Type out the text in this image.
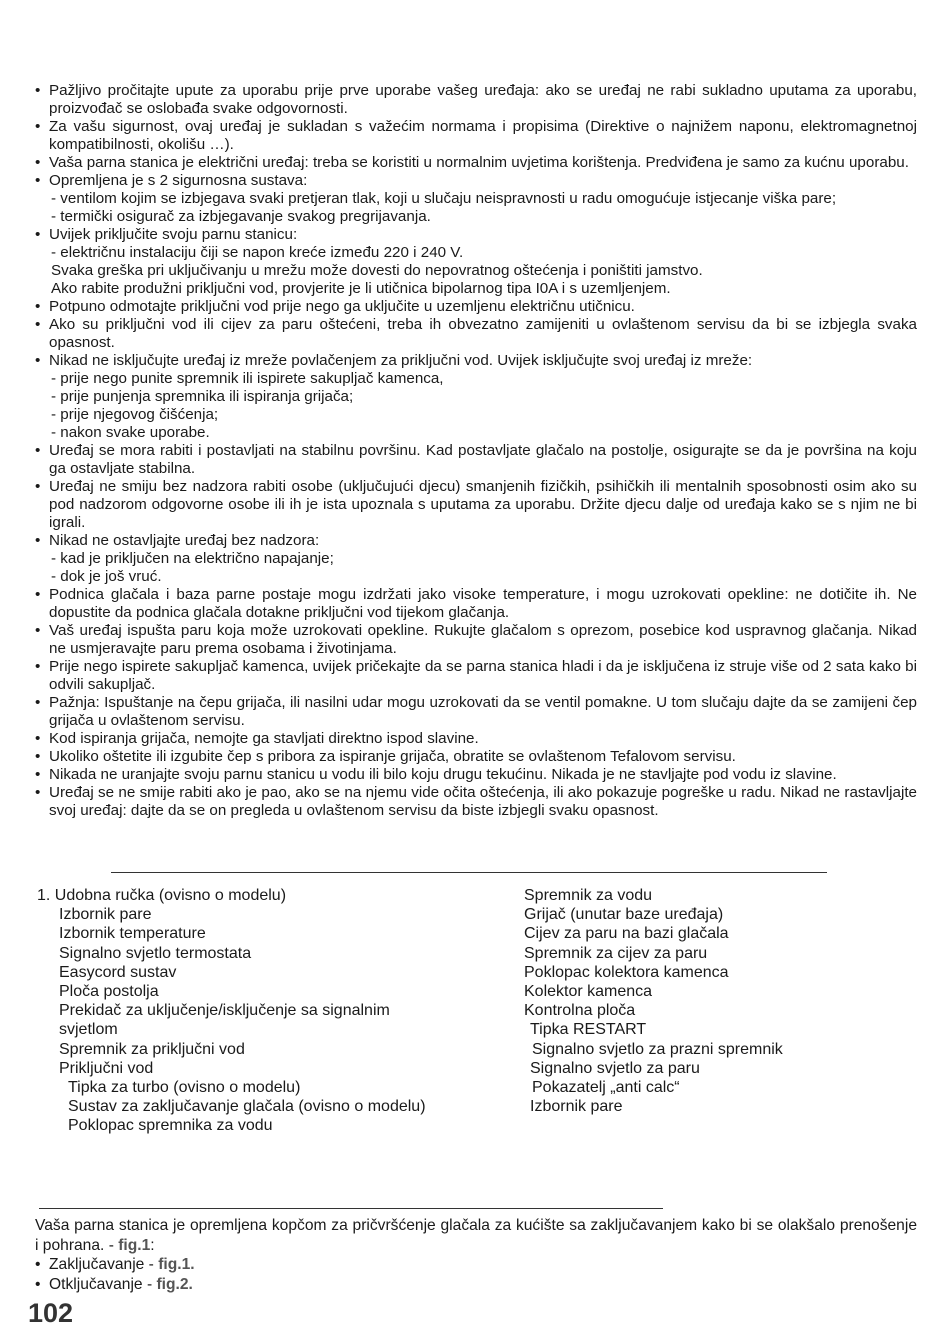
• Pažljivo pročitajte upute za uporabu prije prve uporabe vašeg uređaja: ako se uređaj ne rabi sukladno uputama za uporabu, proizvođač se oslobađa svake odgovornosti.
• Za vašu sigurnost, ovaj uređaj je sukladan s važećim normama i propisima (Direktive o najnižem naponu, elektromagnetnoj kompatibilnosti, okolišu …).
• Vaša parna stanica je električni uređaj: treba se koristiti u normalnim uvjetima korištenja. Predviđena je samo za kućnu uporabu.
• Opremljena je s 2 sigurnosna sustava:
- ventilom kojim se izbjegava svaki pretjeran tlak, koji u slučaju neispravnosti u radu omogućuje istjecanje viška pare;
- termički osigurač za izbjegavanje svakog pregrijavanja.
• Uvijek priključite svoju parnu stanicu:
- električnu instalaciju čiji se napon kreće između 220 i 240 V.
Svaka greška pri uključivanju u mrežu može dovesti do nepovratnog oštećenja i poništiti jamstvo.
Ako rabite produžni priključni vod, provjerite je li utičnica bipolarnog tipa I0A i s uzemljenjem.
• Potpuno odmotajte priključni vod prije nego ga uključite u uzemljenu električnu utičnicu.
• Ako su priključni vod ili cijev za paru oštećeni, treba ih obvezatno zamijeniti u ovlaštenom servisu da bi se izbjegla svaka opasnost.
• Nikad ne isključujte uređaj iz mreže povlačenjem za priključni vod. Uvijek isključujte svoj uređaj iz mreže:
- prije nego punite spremnik ili ispirete sakupljač kamenca,
- prije punjenja spremnika ili ispiranja grijača;
- prije njegovog čišćenja;
- nakon svake uporabe.
• Uređaj se mora rabiti i postavljati na stabilnu površinu. Kad postavljate glačalo na postolje, osigurajte se da je površina na koju ga ostavljate stabilna.
• Uređaj ne smiju bez nadzora rabiti osobe (uključujući djecu) smanjenih fizičkih, psihičkih ili mentalnih sposobnosti osim ako su pod nadzorom odgovorne osobe ili ih je ista upoznala s uputama za uporabu. Držite djecu dalje od uređaja kako se s njim ne bi igrali.
• Nikad ne ostavljajte uređaj bez nadzora:
- kad je priključen na električno napajanje;
- dok je još vruć.
• Podnica glačala i baza parne postaje mogu izdržati jako visoke temperature, i mogu uzrokovati opekline: ne dotičite ih. Ne dopustite da podnica glačala dotakne priključni vod tijekom glačanja.
• Vaš uređaj ispušta paru koja može uzrokovati opekline. Rukujte glačalom s oprezom, posebice kod uspravnog glačanja. Nikad ne usmjeravajte paru prema osobama i životinjama.
• Prije nego ispirete sakupljač kamenca, uvijek pričekajte da se parna stanica hladi i da je isključena iz struje više od 2 sata kako bi odvili sakupljač.
• Pažnja: Ispuštanje na čepu grijača, ili nasilni udar mogu uzrokovati da se ventil pomakne. U tom slučaju dajte da se zamijeni čep grijača u ovlaštenom servisu.
• Kod ispiranja grijača, nemojte ga stavljati direktno ispod slavine.
• Ukoliko oštetite ili izgubite čep s pribora za ispiranje grijača, obratite se ovlaštenom Tefalovom servisu.
• Nikada ne uranjajte svoju parnu stanicu u vodu ili bilo koju drugu tekućinu. Nikada je ne stavljajte pod vodu iz slavine.
• Uređaj se ne smije rabiti ako je pao, ako se na njemu vide očita oštećenja, ili ako pokazuje pogreške u radu. Nikad ne rastavljajte svoj uređaj: dajte da se on pregleda u ovlaštenom servisu da biste izbjegli svaku opasnost.
1. Udobna ručka (ovisno o modelu)
Izbornik pare
Izbornik temperature
Signalno svjetlo termostata
Easycord sustav
Ploča postolja
Prekidač za uključenje/isključenje sa signalnim
svjetlom
Spremnik za priključni vod
Priključni vod
Tipka za turbo (ovisno o modelu)
Sustav za zaključavanje glačala (ovisno o modelu)
Poklopac spremnika za vodu
Spremnik za vodu
Grijač (unutar baze uređaja)
Cijev za paru na bazi glačala
Spremnik za cijev za paru
Poklopac kolektora kamenca
Kolektor kamenca
Kontrolna ploča
Tipka RESTART
Signalno svjetlo za prazni spremnik
Signalno svjetlo za paru
Pokazatelj „anti calc“
Izbornik pare
Vaša parna stanica je opremljena kopčom za pričvršćenje glačala za kućište sa zaključavanjem kako bi se olakšalo prenošenje i pohrana. - fig.1:
• Zaključavanje - fig.1.
• Otključavanje - fig.2.
102
